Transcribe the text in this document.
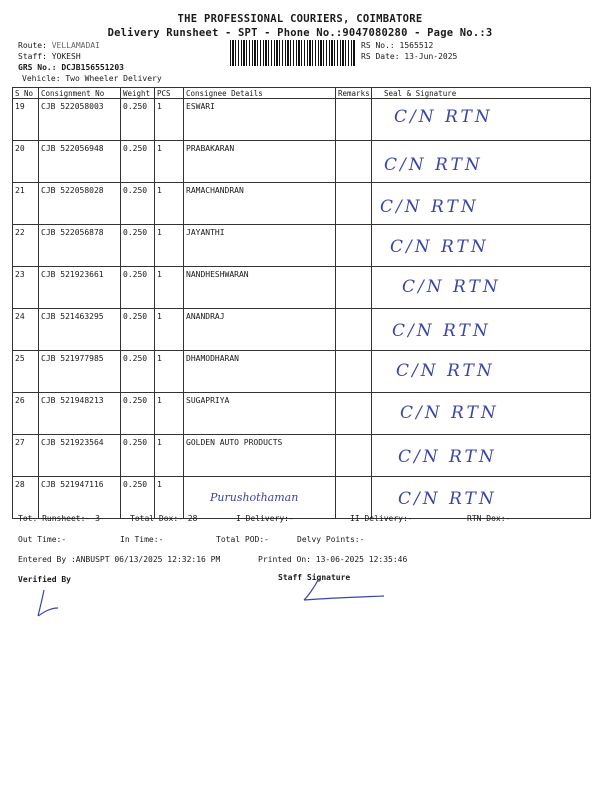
THE PROFESSIONAL COURIERS, COIMBATORE
Delivery Runsheet - SPT - Phone No.:9047080280 - Page No.:3
Route: VELLAMADAI
Staff: YOKESH
GRS No.: DCJB156551203
Vehicle: Two Wheeler Delivery
RS No.: 1565512
RS Date: 13-Jun-2025
S No	Consignment No	Weight	PCS	Consignee Details	Remarks	Seal & Signature
19	CJB 522058003	0.250	1	ESWARI		C/N RTN

20	CJB 522056948	0.250	1	PRABAKARAN		C/N RTN

21	CJB 522058028	0.250	1	RAMACHANDRAN		C/N RTN

22	CJB 522056878	0.250	1	JAYANTHI		C/N RTN

23	CJB 521923661	0.250	1	NANDHESHWARAN		C/N RTN

24	CJB 521463295	0.250	1	ANANDRAJ		C/N RTN

25	CJB 521977985	0.250	1	DHAMODHARAN		C/N RTN

26	CJB 521948213	0.250	1	SUGAPRIYA		C/N RTN

27	CJB 521923564	0.250	1	GOLDEN AUTO PRODUCTS		C/N RTN

28	CJB 521947116	0.250	1	Purushothaman		C/N RTN
Tot. Runsheet:- 3	Total Dox:- 28	I Delivery:-	II Delivery:-	RTN Dox:-
Out Time:-	In Time:-	Total POD:-	Delvy Points:-
Entered By :ANBUSPT 06/13/2025 12:32:16 PM	Printed On: 13-06-2025 12:35:46
Verified By	Staff Signature
